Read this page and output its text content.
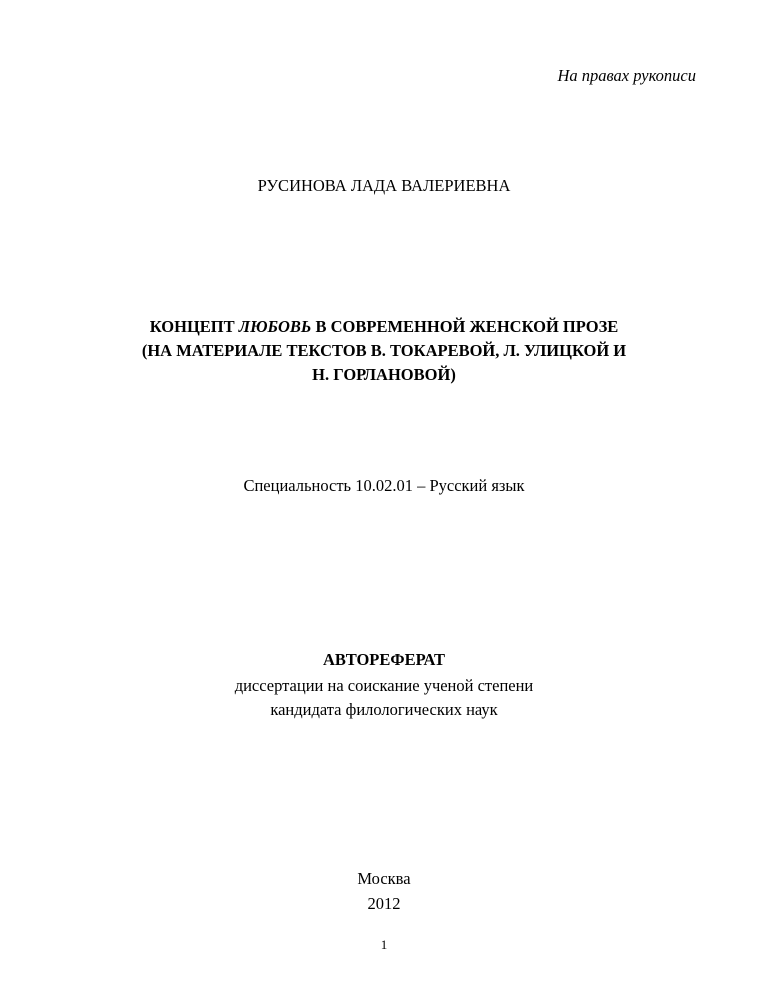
На правах рукописи
РУСИНОВА ЛАДА ВАЛЕРИЕВНА
КОНЦЕПТ ЛЮБОВЬ В СОВРЕМЕННОЙ ЖЕНСКОЙ ПРОЗЕ
(НА МАТЕРИАЛЕ ТЕКСТОВ В. ТОКАРЕВОЙ, Л. УЛИЦКОЙ И
Н. ГОРЛАНОВОЙ)
Специальность 10.02.01 – Русский язык
АВТОРЕФЕРАТ
диссертации на соискание ученой степени
кандидата филологических наук
Москва
2012
1
